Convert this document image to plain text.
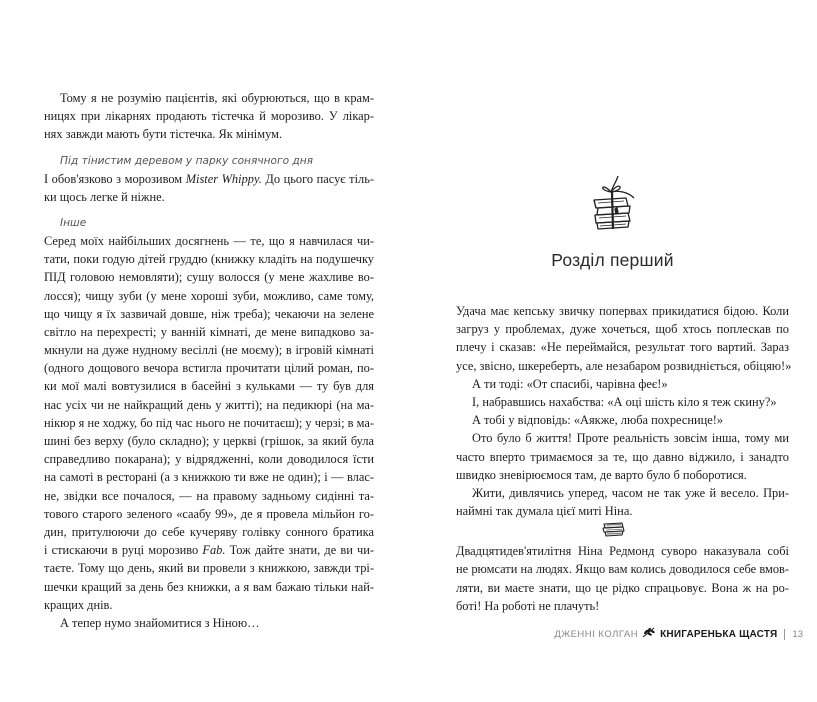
Тому я не розумію пацієнтів, які обурюються, що в крам-
ницях при лікарнях продають тістечка й морозиво. У лікар-
нях завжди мають бути тістечка. Як мінімум.
Під тінистим деревом у парку сонячного дня
І обов'язково з морозивом Mister Whippy. До цього пасує тіль-
ки щось легке й ніжне.
Інше
Серед моїх найбільших досягнень — те, що я навчилася чи-
тати, поки годую дітей груддю (книжку кладіть на подушечку
ПІД головою немовляти); сушу волосся (у мене жахливе во-
лосся); чищу зуби (у мене хороші зуби, можливо, саме тому,
що чищу я їх зазвичай довше, ніж треба); чекаючи на зелене
світло на перехресті; у ванній кімнаті, де мене випадково за-
мкнули на дуже нудному весіллі (не моєму); в ігровій кімнаті
(одного дощового вечора встигла прочитати цілий роман, по-
ки мої малі вовтузилися в басейні з кульками — ту був для
нас усіх чи не найкращий день у житті); на педикюрі (на ма-
нікюр я не ходжу, бо під час нього не почитаєш); у черзі; в ма-
шині без верху (було складно); у церкві (грішок, за який була
справедливо покарана); у відрядженні, коли доводилося їсти
на самоті в ресторані (а з книжкою ти вже не один); і — влас-
не, звідки все почалося, — на правому задньому сидінні та-
тового старого зеленого «саабу 99», де я провела мільйон го-
дин, притулюючи до себе кучеряву голівку сонного братика
і стискаючи в руці морозиво Fab. Тож дайте знати, де ви чи-
таєте. Тому що день, який ви провели з книжкою, завжди трі-
шечки кращий за день без книжки, а я вам бажаю тільки най-
кращих днів.
А тепер нумо знайомитися з Ніною…
Розділ перший
Удача має кепську звичку попервах прикидатися бідою. Коли
загруз у проблемах, дуже хочеться, щоб хтось поплескав по
плечу і сказав: «Не переймайся, результат того вартий. Зараз
усе, звісно, шкереберть, але незабаром розвидніється, обіцяю!»
А ти тоді: «От спасибі, чарівна феє!»
І, набравшись нахабства: «А оці шість кіло я теж скину?»
А тобі у відповідь: «Аякже, люба похреснице!»
Ото було б життя! Проте реальність зовсім інша, тому ми
часто вперто тримаємося за те, що давно віджило, і занадто
швидко зневірюємося там, де варто було б поборотися.
Жити, дивлячись уперед, часом не так уже й весело. При-
наймні так думала цієї миті Ніна.
Двадцятидев'ятилітня Ніна Редмонд суворо наказувала собі
не рюмсати на людях. Якщо вам колись доводилося себе вмов-
ляти, ви маєте знати, що це рідко спрацьовує. Вона ж на ро-
боті! На роботі не плачуть!
ДЖЕННІ КОЛГАН КНИГАРЕНЬКА ЩАСТЯ 13
